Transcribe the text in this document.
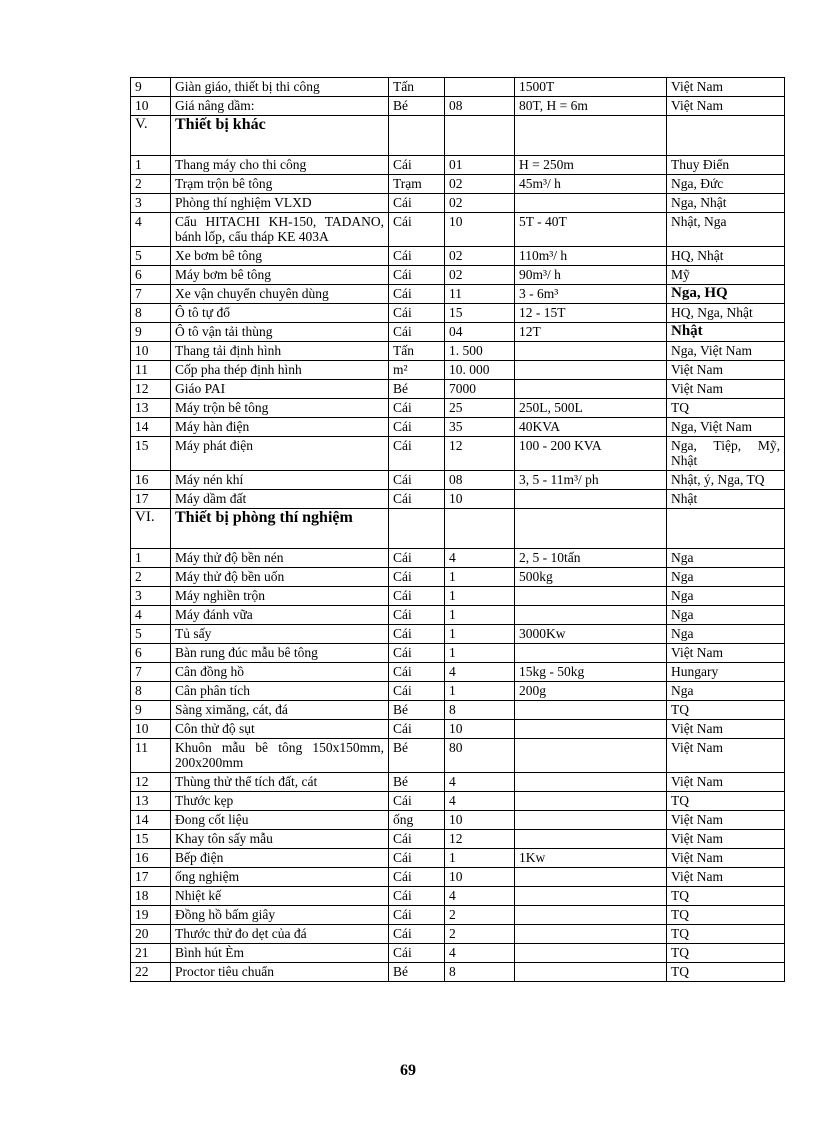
9	Giàn giáo, thiết bị thi công	Tấn		1500T	Việt Nam
10	Giá nâng dầm:	Bé	08	80T, H = 6m	Việt Nam
V.	Thiết bị khác				
1	Thang máy cho thi công	Cái	01	H = 250m	Thuy Điển
2	Trạm trộn bê tông	Trạm	02	45m³/ h	Nga, Đức
3	Phòng thí nghiệm VLXD	Cái	02		Nga, Nhật
4	Cẩu HITACHI KH-150, TADANO, bánh lốp, cẩu tháp KE 403A	Cái	10	5T - 40T	Nhật, Nga
5	Xe bơm bê tông	Cái	02	110m³/ h	HQ, Nhật
6	Máy bơm bê tông	Cái	02	90m³/ h	Mỹ
7	Xe vận chuyển chuyên dùng	Cái	11	3 - 6m³	Nga, HQ
8	Ô tô tự đổ	Cái	15	12 - 15T	HQ, Nga, Nhật
9	Ô tô vận tải thùng	Cái	04	12T	Nhật
10	Thang tải định hình	Tấn	1. 500		Nga, Việt Nam
11	Cốp pha thép định hình	m²	10. 000		Việt Nam
12	Giáo PAI	Bé	7000		Việt Nam
13	Máy trộn bê tông	Cái	25	250L, 500L	TQ
14	Máy hàn điện	Cái	35	40KVA	Nga, Việt Nam
15	Máy phát điện	Cái	12	100 - 200 KVA	Nga, Tiệp, Mỹ, Nhật
16	Máy nén khí	Cái	08	3, 5 - 11m³/ ph	Nhật, ý, Nga, TQ
17	Máy dầm đất	Cái	10		Nhật
VI.	Thiết bị phòng thí nghiệm				
1	Máy thử độ bền nén	Cái	4	2, 5 - 10tấn	Nga
2	Máy thử độ bền uốn	Cái	1	500kg	Nga
3	Máy nghiền trộn	Cái	1		Nga
4	Máy đánh vữa	Cái	1		Nga
5	Tủ sấy	Cái	1	3000Kw	Nga
6	Bàn rung đúc mẫu bê tông	Cái	1		Việt Nam
7	Cân đồng hồ	Cái	4	15kg - 50kg	Hungary
8	Cân phân tích	Cái	1	200g	Nga
9	Sàng ximăng, cát, đá	Bé	8		TQ
10	Côn thử độ sụt	Cái	10		Việt Nam
11	Khuôn mẫu bê tông 150x150mm, 200x200mm	Bé	80		Việt Nam
12	Thùng thử thể tích đất, cát	Bé	4		Việt Nam
13	Thước kẹp	Cái	4		TQ
14	Đong cốt liệu	ống	10		Việt Nam
15	Khay tôn sấy mẫu	Cái	12		Việt Nam
16	Bếp điện	Cái	1	1Kw	Việt Nam
17	ống nghiệm	Cái	10		Việt Nam
18	Nhiệt kế	Cái	4		TQ
19	Đồng hồ bấm giây	Cái	2		TQ
20	Thước thử đo dẹt của đá	Cái	2		TQ
21	Bình hút Èm	Cái	4		TQ
22	Proctor tiêu chuẩn	Bé	8		TQ
69
